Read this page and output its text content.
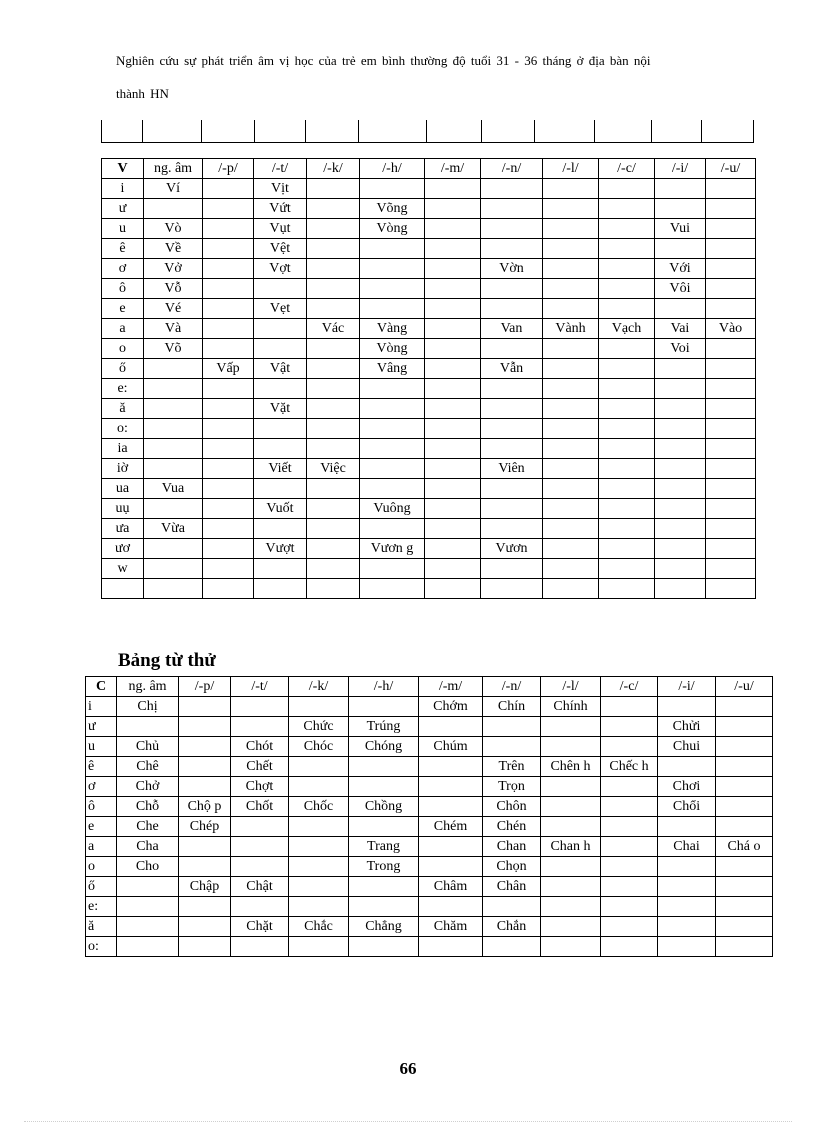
Nghiên cứu sự phát triển âm vị học của trẻ em bình thường độ tuổi 31 - 36 tháng ở địa bàn nội
thành HN

V	ng. âm	/-p/	/-t/	/-k/	/-h/	/-m/	/-n/	/-l/	/-c/	/-i/	/-u/
i	Ví		Vịt								
ư			Vứt		Võng						
u	Vò		Vụt		Vòng					Vui	
ê	Về		Vệt								
ơ	Vở		Vợt				Vờn			Với	
ô	Vỗ									Vôi	
e	Vé		Vẹt								
a	Và			Vác	Vàng		Van	Vành	Vạch	Vai	Vào
o	Võ				Vòng					Voi	
ő		Vấp	Vật		Vâng		Vẫn				
e:											
ă			Vặt								
o:											
ia											
iờ			Viết	Việc			Viên				
ua	Vua										
uụ			Vuốt		Vuông						
ưa	Vừa										
ươ			Vượt		Vươn g		Vươn				
w											

Bảng từ thử
C	ng. âm	/-p/	/-t/	/-k/	/-h/	/-m/	/-n/	/-l/	/-c/	/-i/	/-u/
i	Chị					Chớm	Chín	Chính			
ư				Chức	Trúng					Chửi	
u	Chủ		Chót	Chóc	Chóng	Chúm				Chui	
ê	Chê		Chết				Trên	Chên h	Chếc h		
ơ	Chở		Chợt				Trọn			Chơi	
ô	Chỗ	Chộ p	Chốt	Chốc	Chồng		Chôn			Chổi	
e	Che	Chép				Chém	Chén				
a	Cha				Trang		Chan	Chan h		Chai	Chá o
o	Cho				Trong		Chọn				
ő		Chập	Chật			Châm	Chân				
e:											
ă			Chặt	Chắc	Chẳng	Chăm	Chắn				
o:											
66
